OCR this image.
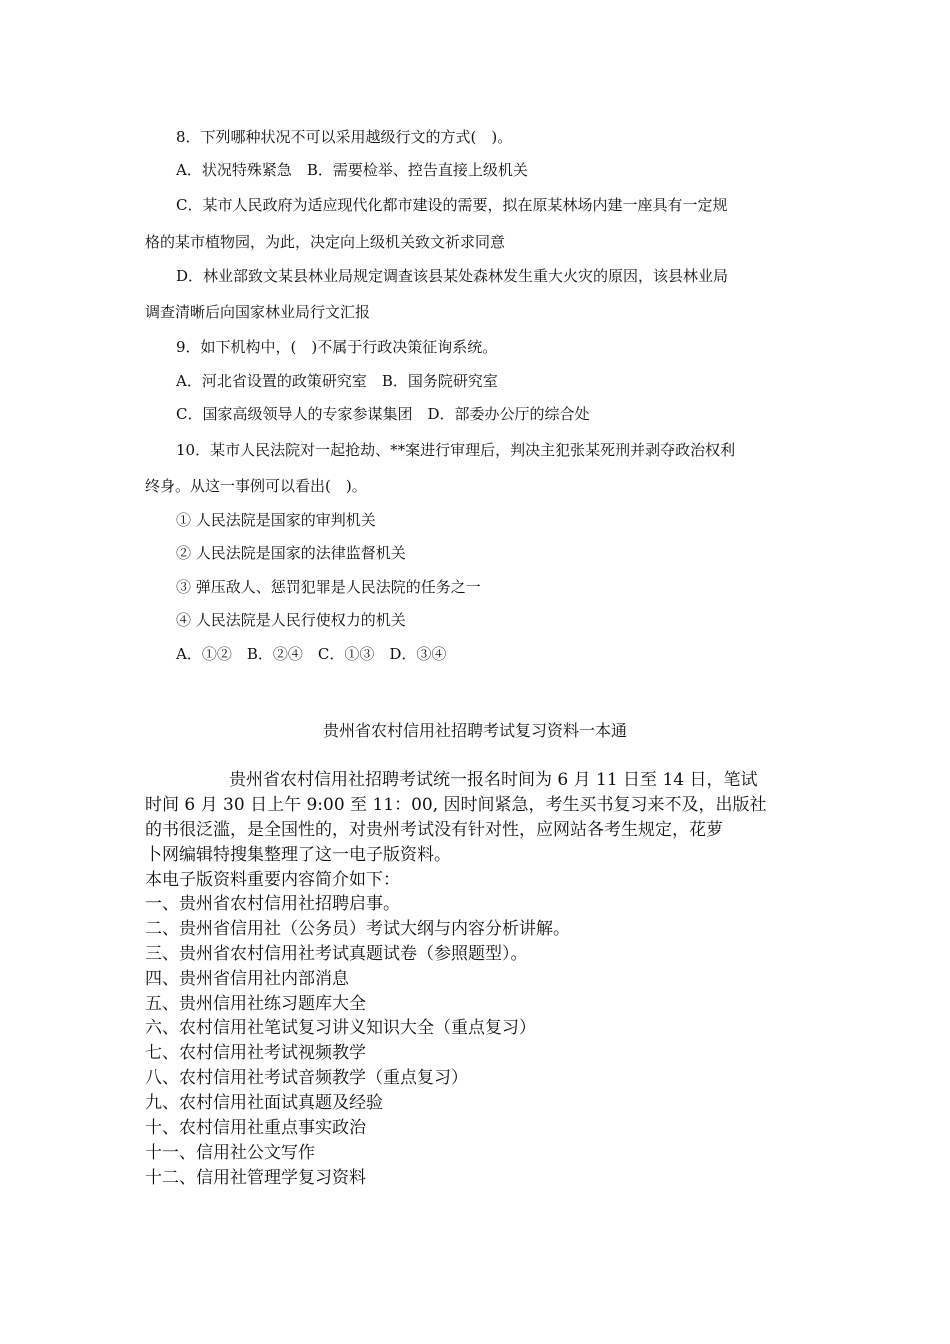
8．下列哪种状况不可以采用越级行文的方式(　)。
A．状况特殊紧急　B．需要检举、控告直接上级机关
C．某市人民政府为适应现代化都市建设的需要，拟在原某林场内建一座具有一定规
格的某市植物园，为此，决定向上级机关致文祈求同意
D．林业部致文某县林业局规定调查该县某处森林发生重大火灾的原因，该县林业局
调查清晰后向国家林业局行文汇报
9．如下机构中，(　)不属于行政决策征询系统。
A．河北省设置的政策研究室　B．国务院研究室
C．国家高级领导人的专家参谋集团　D．部委办公厅的综合处
10．某市人民法院对一起抢劫、**案进行审理后，判决主犯张某死刑并剥夺政治权利
终身。从这一事例可以看出(　)。
① 人民法院是国家的审判机关
② 人民法院是国家的法律监督机关
③ 弹压敌人、惩罚犯罪是人民法院的任务之一
④ 人民法院是人民行使权力的机关
A．①②　B．②④　C．①③　D．③④
贵州省农村信用社招聘考试复习资料一本通
贵州省农村信用社招聘考试统一报名时间为 6 月 11 日至 14 日，笔试
时间 6 月 30 日上午 9:00 至 11：00, 因时间紧急，考生买书复习来不及，出版社
的书很泛滥，是全国性的，对贵州考试没有针对性，应网站各考生规定，花萝
卜网编辑特搜集整理了这一电子版资料。
本电子版资料重要内容简介如下：
一、贵州省农村信用社招聘启事。
二、贵州省信用社（公务员）考试大纲与内容分析讲解。
三、贵州省农村信用社考试真题试卷（参照题型）。
四、贵州省信用社内部消息
五、贵州信用社练习题库大全
六、农村信用社笔试复习讲义知识大全（重点复习）
七、农村信用社考试视频教学
八、农村信用社考试音频教学（重点复习）
九、农村信用社面试真题及经验
十、农村信用社重点事实政治
十一、信用社公文写作
十二、信用社管理学复习资料
